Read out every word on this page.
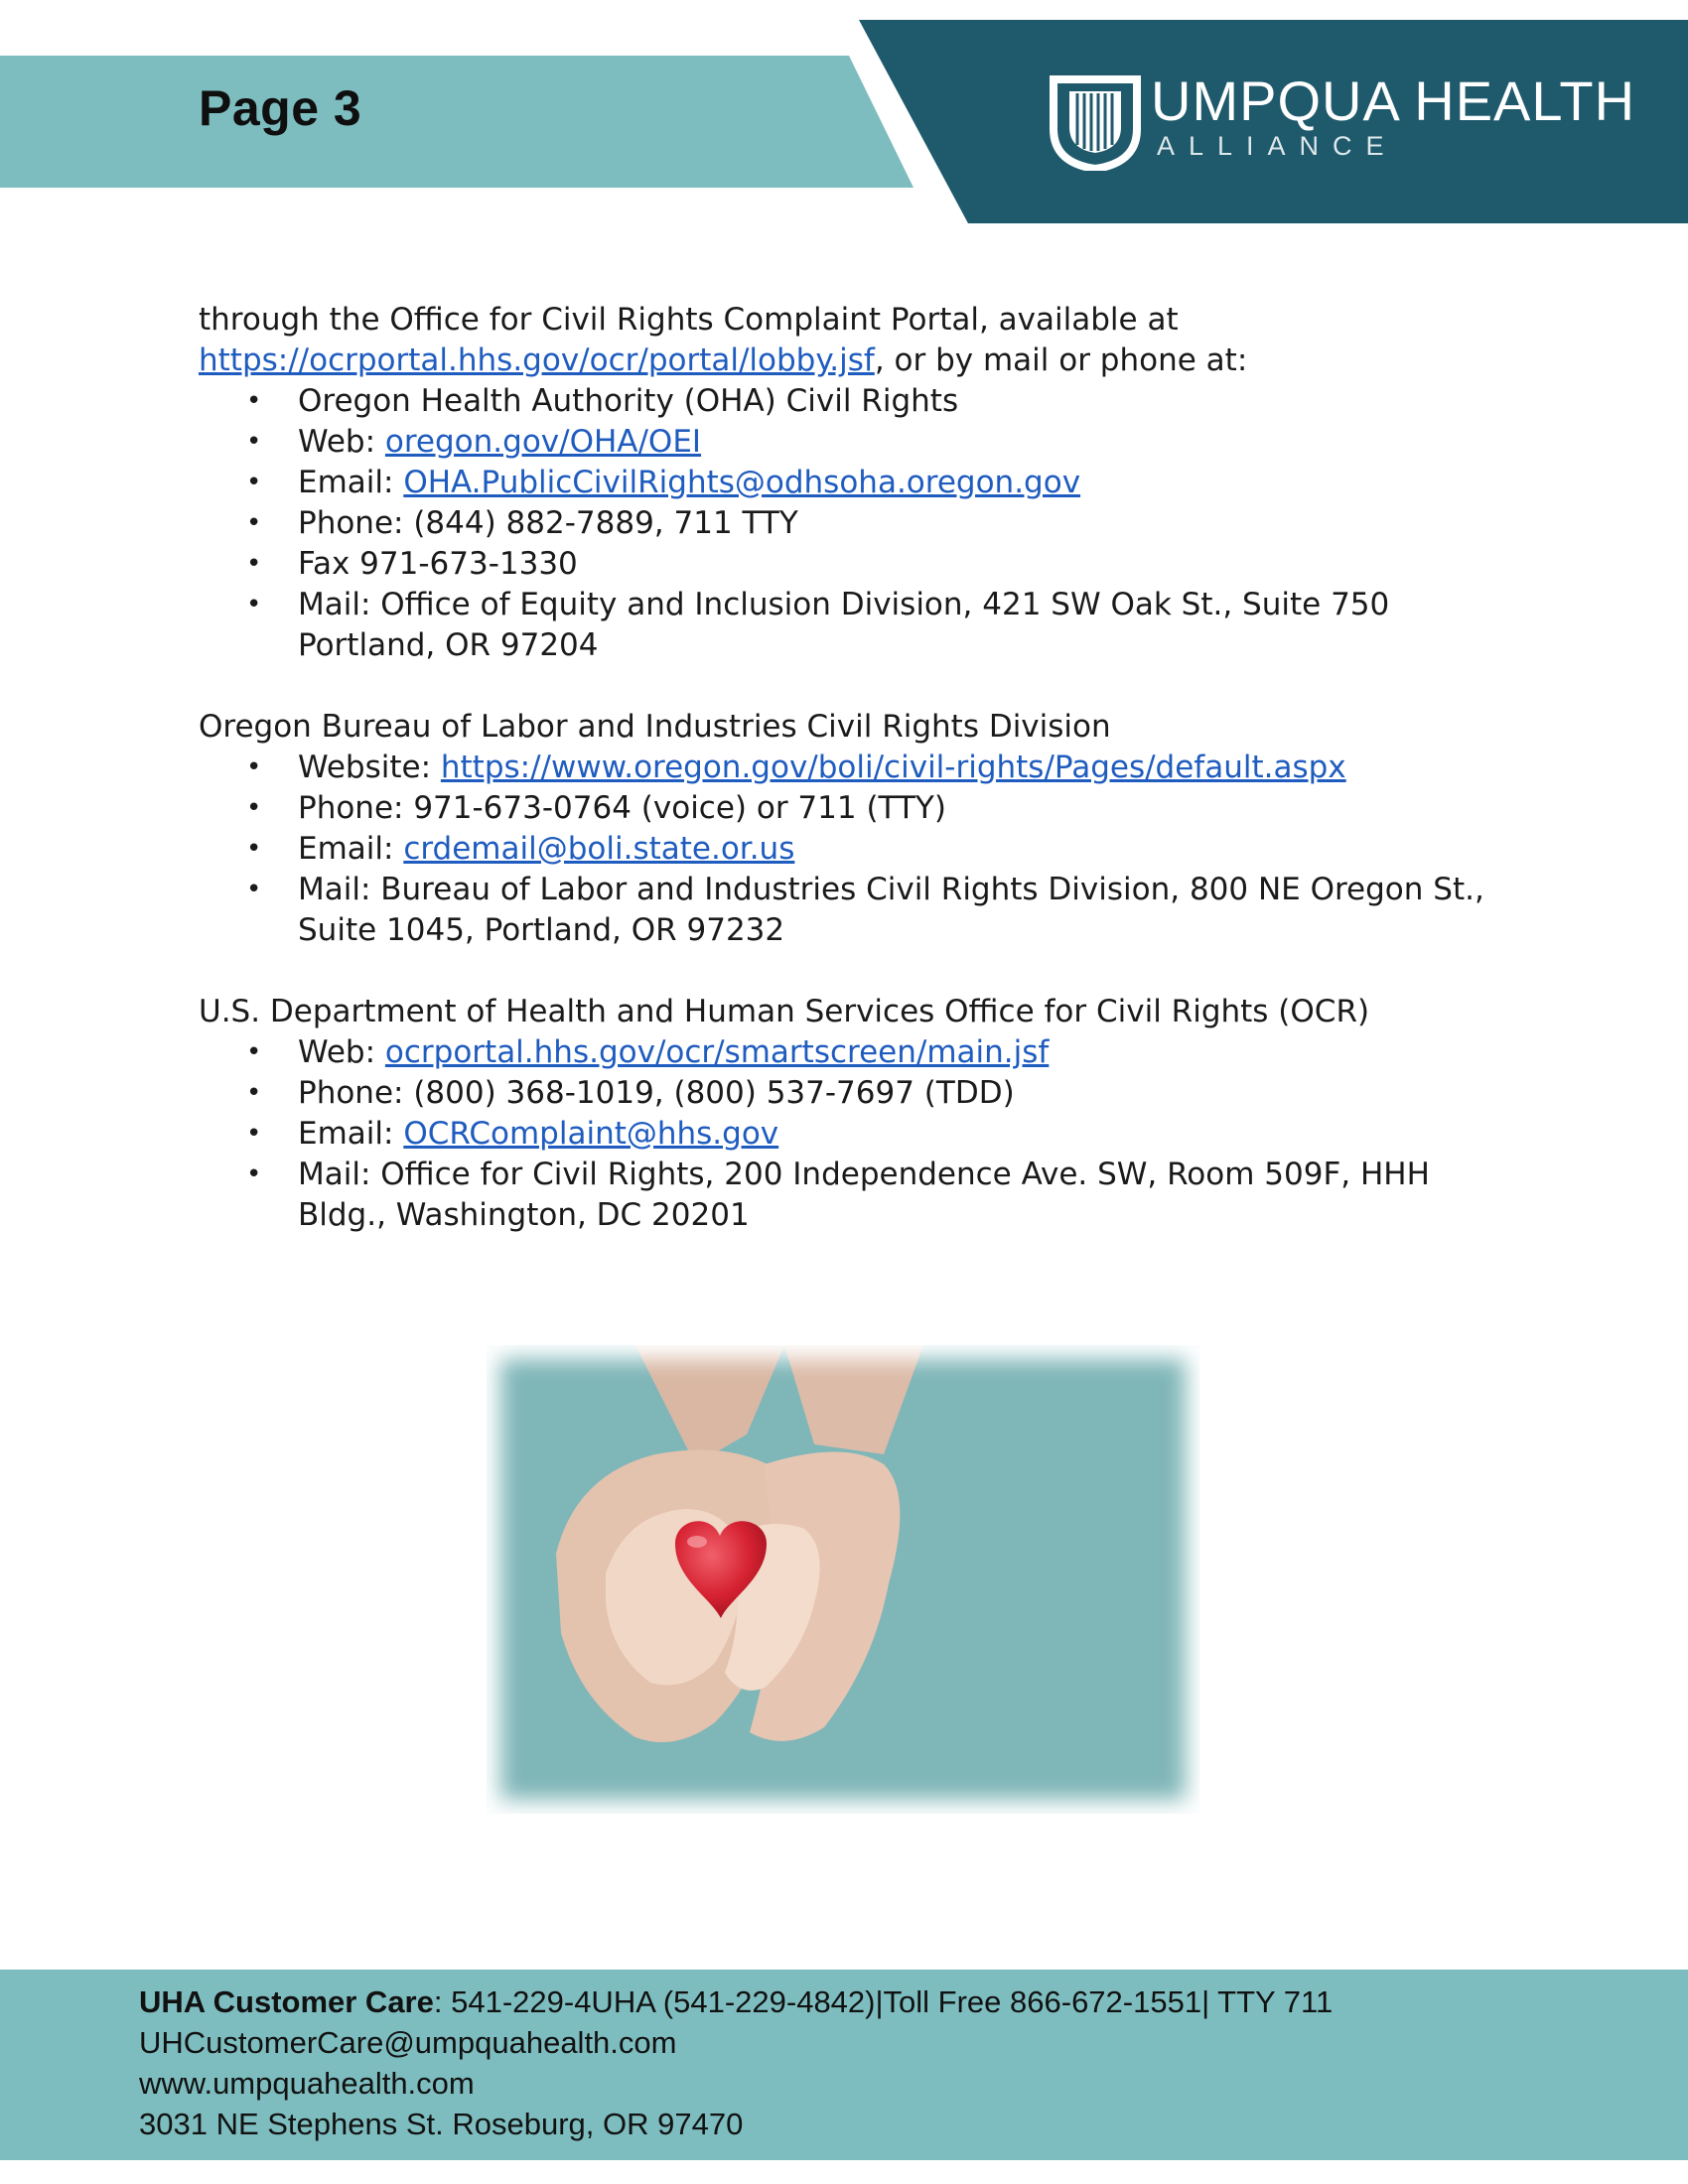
Page 3	UMPQUA HEALTH
ALLIANCE

through the Office for Civil Rights Complaint Portal, available at

https://ocrportal.hhs.gov/ocr/portal/lobby.jsf, or by mail or phone at:

• Oregon Health Authority (OHA) Civil Rights
• Web: oregon.gov/OHA/OEI
• Email: OHA.PublicCivilRights@odhsoha.oregon.gov
• Phone: (844) 882-7889, 711 TTY
• Fax 971-673-1330
• Mail: Office of Equity and Inclusion Division, 421 SW Oak St., Suite 750
Portland, OR 97204

Oregon Bureau of Labor and Industries Civil Rights Division

• Website: https://www.oregon.gov/boli/civil-rights/Pages/default.aspx
• Phone: 971-673-0764 (voice) or 711 (TTY)
• Email: crdemail@boli.state.or.us
• Mail: Bureau of Labor and Industries Civil Rights Division, 800 NE Oregon St.,
Suite 1045, Portland, OR 97232

U.S. Department of Health and Human Services Office for Civil Rights (OCR)

• Web: ocrportal.hhs.gov/ocr/smartscreen/main.jsf
• Phone: (800) 368-1019, (800) 537-7697 (TDD)
• Email: OCRComplaint@hhs.gov
• Mail: Office for Civil Rights, 200 Independence Ave. SW, Room 509F, HHH
Bldg., Washington, DC 20201
UHA Customer Care: 541-229-4UHA (541-229-4842)|Toll Free 866-672-1551| TTY 711
UHCustomerCare@umpquahealth.com
www.umpquahealth.com
3031 NE Stephens St. Roseburg, OR 97470
